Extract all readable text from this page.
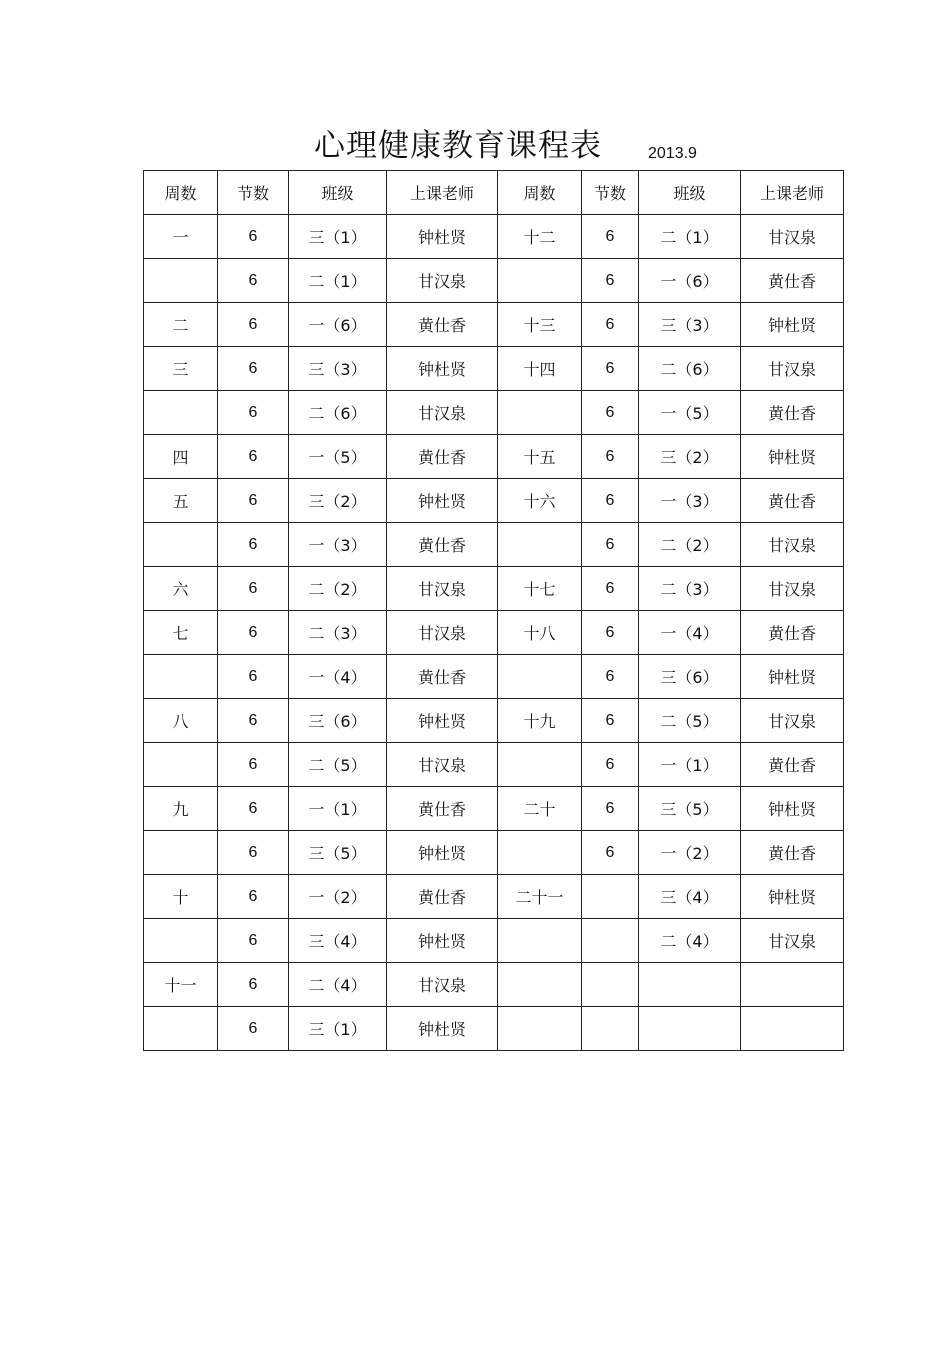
心理健康教育课程表	2013.9
周数	节数	班级	上课老师	周数	节数	班级	上课老师
一	6	三（1）	钟杜贤	十二	6	二（1）	甘汉泉
	6	二（1）	甘汉泉		6	一（6）	黄仕香
二	6	一（6）	黄仕香	十三	6	三（3）	钟杜贤
三	6	三（3）	钟杜贤	十四	6	二（6）	甘汉泉
	6	二（6）	甘汉泉		6	一（5）	黄仕香
四	6	一（5）	黄仕香	十五	6	三（2）	钟杜贤
五	6	三（2）	钟杜贤	十六	6	一（3）	黄仕香
	6	一（3）	黄仕香		6	二（2）	甘汉泉
六	6	二（2）	甘汉泉	十七	6	二（3）	甘汉泉
七	6	二（3）	甘汉泉	十八	6	一（4）	黄仕香
	6	一（4）	黄仕香		6	三（6）	钟杜贤
八	6	三（6）	钟杜贤	十九	6	二（5）	甘汉泉
	6	二（5）	甘汉泉		6	一（1）	黄仕香
九	6	一（1）	黄仕香	二十	6	三（5）	钟杜贤
	6	三（5）	钟杜贤		6	一（2）	黄仕香
十	6	一（2）	黄仕香	二十一		三（4）	钟杜贤
	6	三（4）	钟杜贤			二（4）	甘汉泉
十一	6	二（4）	甘汉泉				
	6	三（1）	钟杜贤				
